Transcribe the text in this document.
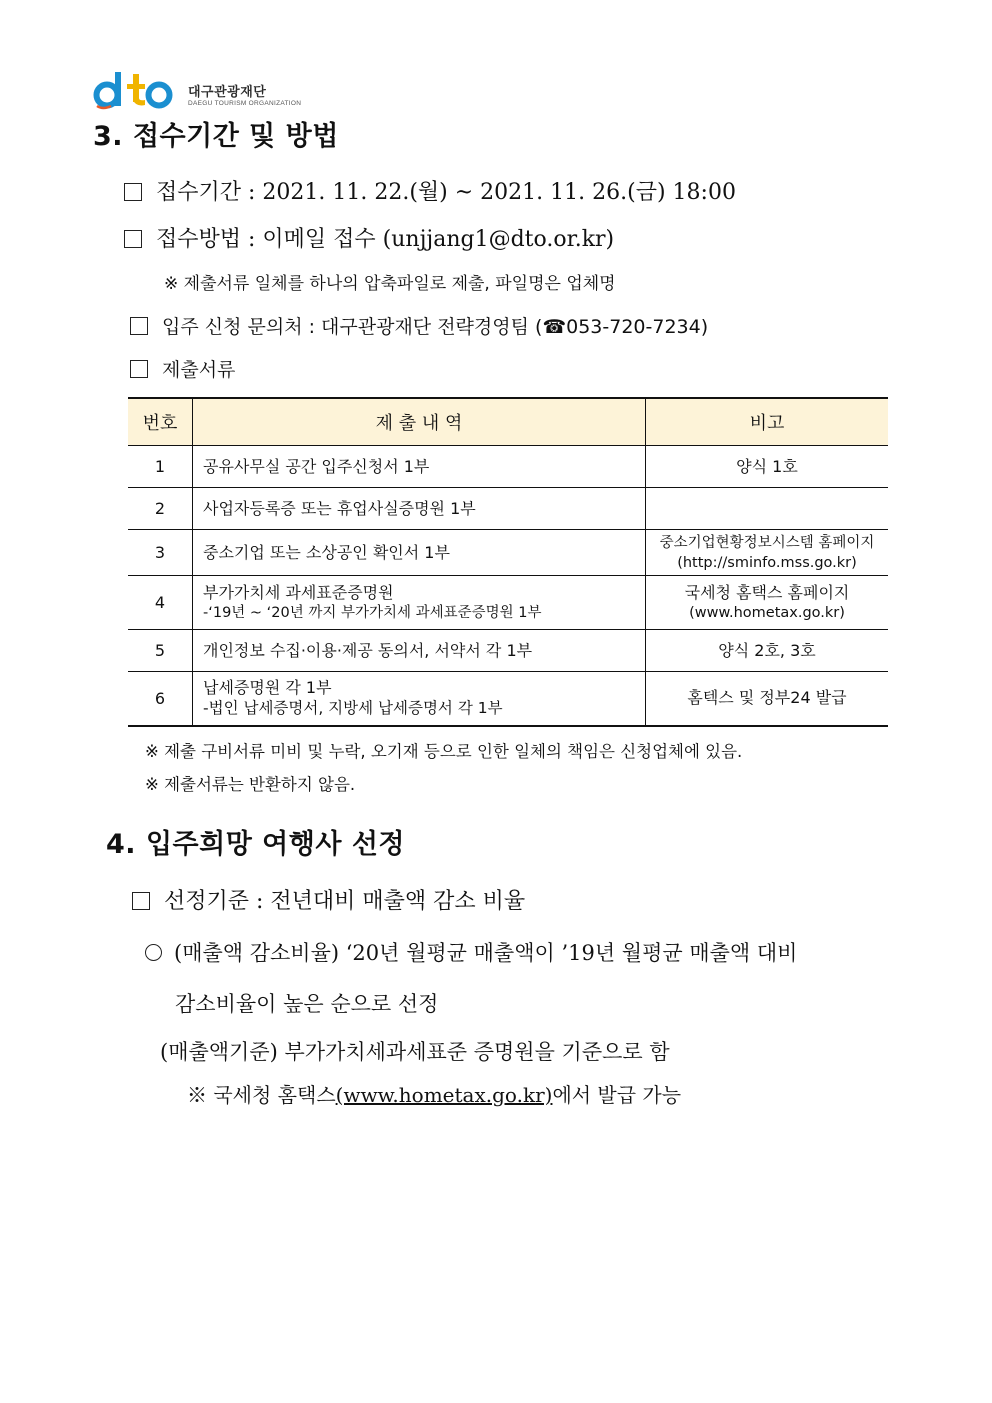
대구관광재단
DAEGU TOURISM ORGANIZATION
3. 접수기간 및 방법
접수기간 : 2021. 11. 22.(월) ~ 2021. 11. 26.(금) 18:00
접수방법 : 이메일 접수 (unjjang1@dto.or.kr)
※ 제출서류 일체를 하나의 압축파일로 제출, 파일명은 업체명
입주 신청 문의처 : 대구관광재단 전략경영팀 (☎053-720-7234)
제출서류
번호	제 출 내 역	비고
1	공유사무실 공간 입주신청서 1부	양식 1호
2	사업자등록증 또는 휴업사실증명원 1부	
3	중소기업 또는 소상공인 확인서 1부	중소기업현황정보시스템 홈페이지
(http://sminfo.mss.go.kr)

4	부가가치세 과세표준증명원
-‘19년 ~ ‘20년 까지 부가가치세 과세표준증명원 1부	국세청 홈택스 홈페이지
(www.hometax.go.kr)

5	개인정보 수집·이용·제공 동의서, 서약서 각 1부	양식 2호, 3호
6	납세증명원 각 1부
-법인 납세증명서, 지방세 납세증명서 각 1부	홈텍스 및 정부24 발급
※ 제출 구비서류 미비 및 누락, 오기재 등으로 인한 일체의 책임은 신청업체에 있음.
※ 제출서류는 반환하지 않음.
4. 입주희망 여행사 선정
선정기준 : 전년대비 매출액 감소 비율
(매출액 감소비율) ‘20년 월평균 매출액이 ’19년 월평균 매출액 대비
감소비율이 높은 순으로 선정
(매출액기준) 부가가치세과세표준 증명원을 기준으로 함
※ 국세청 홈택스(www.hometax.go.kr)에서 발급 가능
